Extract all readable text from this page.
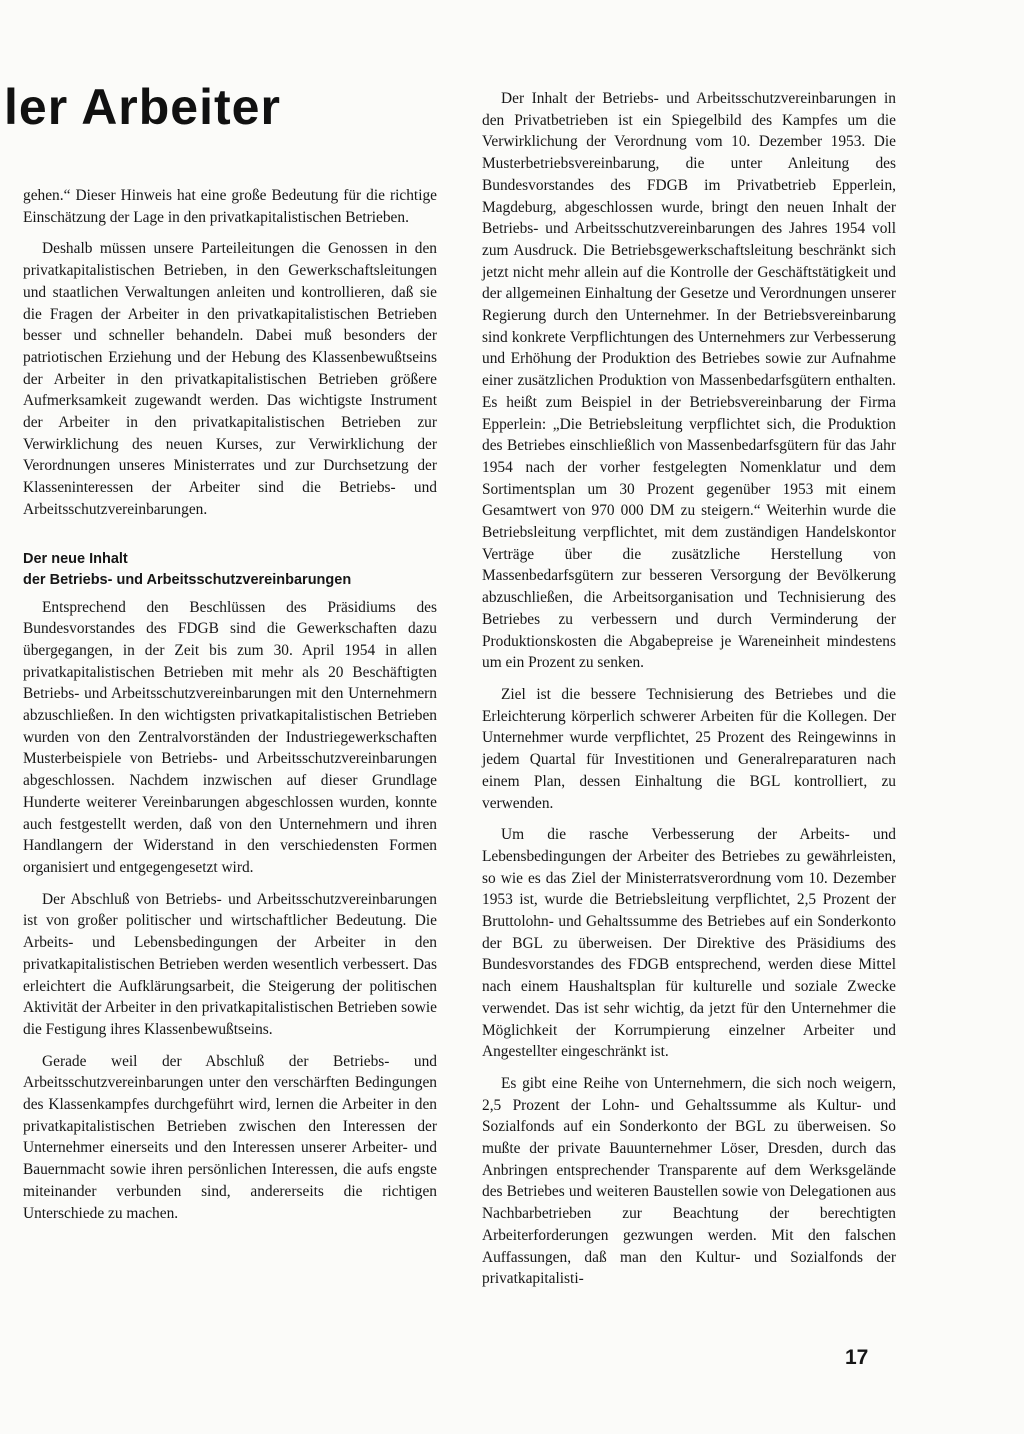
ler Arbeiter

gehen.“ Dieser Hinweis hat eine große Bedeutung für die richtige Einschätzung der Lage in den privatkapitalistischen Betrieben.

Deshalb müssen unsere Parteileitungen die Genossen in den privatkapitalistischen Betrieben, in den Gewerkschaftsleitungen und staatlichen Verwaltungen anleiten und kontrollieren, daß sie die Fragen der Arbeiter in den privatkapitalistischen Betrieben besser und schneller behandeln. Dabei muß besonders der patriotischen Erziehung und der Hebung des Klassenbewußtseins der Arbeiter in den privatkapitalistischen Betrieben größere Aufmerksamkeit zugewandt werden. Das wichtigste Instrument der Arbeiter in den privatkapitalistischen Betrieben zur Verwirklichung des neuen Kurses, zur Verwirklichung der Verordnungen unseres Ministerrates und zur Durchsetzung der Klasseninteressen der Arbeiter sind die Betriebs- und Arbeitsschutzvereinbarungen.

Der neue Inhalt
der Betriebs- und Arbeitsschutzvereinbarungen

Entsprechend den Beschlüssen des Präsidiums des Bundesvorstandes des FDGB sind die Gewerkschaften dazu übergegangen, in der Zeit bis zum 30. April 1954 in allen privatkapitalistischen Betrieben mit mehr als 20 Beschäftigten Betriebs- und Arbeitsschutzvereinbarungen mit den Unternehmern abzuschließen. In den wichtigsten privatkapitalistischen Betrieben wurden von den Zentralvorständen der Industriegewerkschaften Musterbeispiele von Betriebs- und Arbeitsschutzvereinbarungen abgeschlossen. Nachdem inzwischen auf dieser Grundlage Hunderte weiterer Vereinbarungen abgeschlossen wurden, konnte auch festgestellt werden, daß von den Unternehmern und ihren Handlangern der Widerstand in den verschiedensten Formen organisiert und entgegengesetzt wird.

Der Abschluß von Betriebs- und Arbeitsschutzvereinbarungen ist von großer politischer und wirtschaftlicher Bedeutung. Die Arbeits- und Lebensbedingungen der Arbeiter in den privatkapitalistischen Betrieben werden wesentlich verbessert. Das erleichtert die Aufklärungsarbeit, die Steigerung der politischen Aktivität der Arbeiter in den privatkapitalistischen Betrieben sowie die Festigung ihres Klassenbewußtseins.

Gerade weil der Abschluß der Betriebs- und Arbeitsschutzvereinbarungen unter den verschärften Bedingungen des Klassenkampfes durchgeführt wird, lernen die Arbeiter in den privatkapitalistischen Betrieben zwischen den Interessen der Unternehmer einerseits und den Interessen unserer Arbeiter- und Bauernmacht sowie ihren persönlichen Interessen, die aufs engste miteinander verbunden sind, andererseits die richtigen Unterschiede zu machen.

Der Inhalt der Betriebs- und Arbeitsschutzvereinbarungen in den Privatbetrieben ist ein Spiegelbild des Kampfes um die Verwirklichung der Verordnung vom 10. Dezember 1953. Die Musterbetriebsvereinbarung, die unter Anleitung des Bundesvorstandes des FDGB im Privatbetrieb Epperlein, Magdeburg, abgeschlossen wurde, bringt den neuen Inhalt der Betriebs- und Arbeitsschutzvereinbarungen des Jahres 1954 voll zum Ausdruck. Die Betriebsgewerkschaftsleitung beschränkt sich jetzt nicht mehr allein auf die Kontrolle der Geschäftstätigkeit und der allgemeinen Einhaltung der Gesetze und Verordnungen unserer Regierung durch den Unternehmer. In der Betriebsvereinbarung sind konkrete Verpflichtungen des Unternehmers zur Verbesserung und Erhöhung der Produktion des Betriebes sowie zur Aufnahme einer zusätzlichen Produktion von Massenbedarfsgütern enthalten. Es heißt zum Beispiel in der Betriebsvereinbarung der Firma Epperlein: „Die Betriebsleitung verpflichtet sich, die Produktion des Betriebes einschließlich von Massenbedarfsgütern für das Jahr 1954 nach der vorher festgelegten Nomenklatur und dem Sortimentsplan um 30 Prozent gegenüber 1953 mit einem Gesamtwert von 970 000 DM zu steigern.“ Weiterhin wurde die Betriebsleitung verpflichtet, mit dem zuständigen Handelskontor Verträge über die zusätzliche Herstellung von Massenbedarfsgütern zur besseren Versorgung der Bevölkerung abzuschließen, die Arbeitsorganisation und Technisierung des Betriebes zu verbessern und durch Verminderung der Produktionskosten die Abgabepreise je Wareneinheit mindestens um ein Prozent zu senken.

Ziel ist die bessere Technisierung des Betriebes und die Erleichterung körperlich schwerer Arbeiten für die Kollegen. Der Unternehmer wurde verpflichtet, 25 Prozent des Reingewinns in jedem Quartal für Investitionen und Generalreparaturen nach einem Plan, dessen Einhaltung die BGL kontrolliert, zu verwenden.

Um die rasche Verbesserung der Arbeits- und Lebensbedingungen der Arbeiter des Betriebes zu gewährleisten, so wie es das Ziel der Ministerratsverordnung vom 10. Dezember 1953 ist, wurde die Betriebsleitung verpflichtet, 2,5 Prozent der Bruttolohn- und Gehaltssumme des Betriebes auf ein Sonderkonto der BGL zu überweisen. Der Direktive des Präsidiums des Bundesvorstandes des FDGB entsprechend, werden diese Mittel nach einem Haushaltsplan für kulturelle und soziale Zwecke verwendet. Das ist sehr wichtig, da jetzt für den Unternehmer die Möglichkeit der Korrumpierung einzelner Arbeiter und Angestellter eingeschränkt ist.

Es gibt eine Reihe von Unternehmern, die sich noch weigern, 2,5 Prozent der Lohn- und Gehaltssumme als Kultur- und Sozialfonds auf ein Sonderkonto der BGL zu überweisen. So mußte der private Bauunternehmer Löser, Dresden, durch das Anbringen entsprechender Transparente auf dem Werksgelände des Betriebes und weiteren Baustellen sowie von Delegationen aus Nachbarbetrieben zur Beachtung der berechtigten Arbeiterforderungen gezwungen werden. Mit den falschen Auffassungen, daß man den Kultur- und Sozialfonds der privatkapitalisti-

17
